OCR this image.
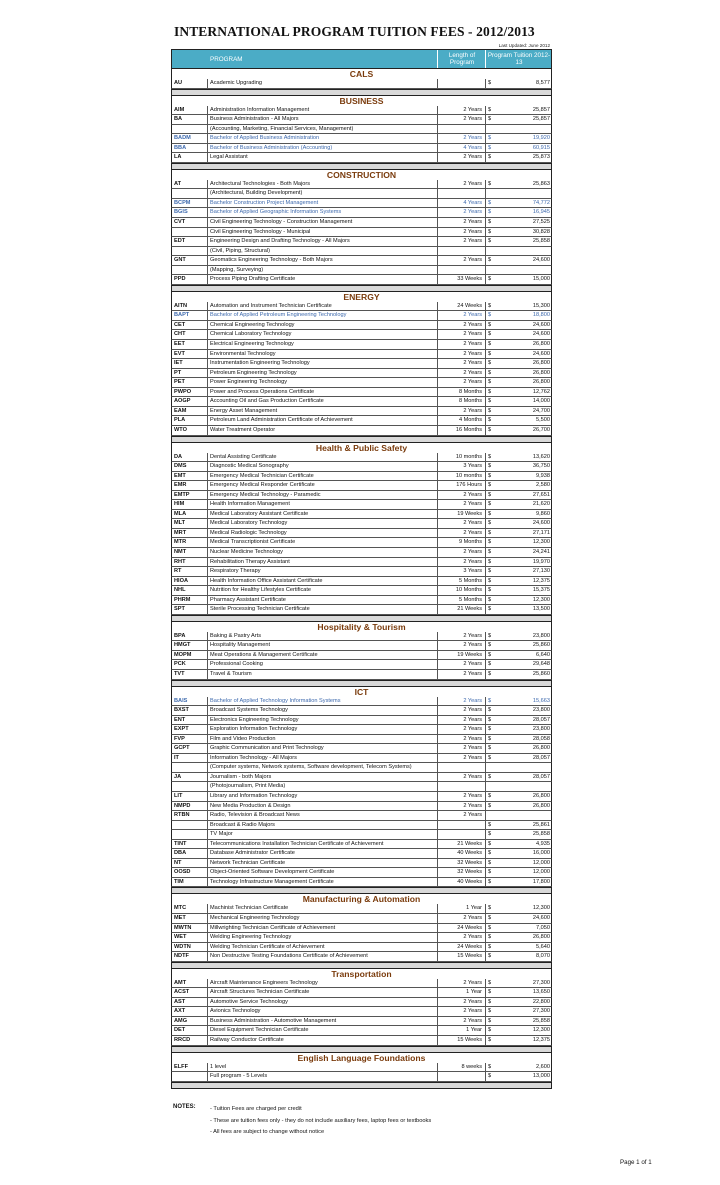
INTERNATIONAL PROGRAM TUITION FEES - 2012/2013
Last Updated: June 2012
PROGRAM
Length of Program
Program Tuition 2012-13
CALS
AU	Academic Upgrading	$	8,577
BUSINESS
AIM	Administration Information Management	2 Years $	25,857
BA	Business Administration - All Majors	2 Years $	25,857
(Accounting, Marketing, Financial Services, Management)
BADM	Bachelor of Applied Business Administration	2 Years $	19,920
BBA	Bachelor of Business Administration (Accounting)	4 Years $	60,915
LA	Legal Assistant	2 Years $	25,873
CONSTRUCTION
AT	Architectural Technologies - Both Majors	2 Years $	25,863
(Architectural, Building Development)
BCPM	Bachelor Construction Project Management	4 Years $	74,772
BGIS	Bachelor of Applied Geographic Information Systems	2 Years $	16,945
CVT	Civil Engineering Technology - Construction Management	2 Years $	27,525
Civil Engineering Technology - Municipal	2 Years $	30,828
EDT	Engineering Design and Drafting Technology - All Majors	2 Years $	25,858
(Civil, Piping, Structural)
GNT	Geomatics Engineering Technology - Both Majors	2 Years $	24,600
(Mapping, Surveying)
PPD	Process Piping Drafting Certificate	33 Weeks $	15,000
ENERGY
AITN	Automation and Instrument Technician Certificate	24 Weeks $	15,300
BAPT	Bachelor of Applied Petroleum Engineering Technology	2 Years $	18,800
CET	Chemical Engineering Technology	2 Years $	24,600
CHT	Chemical Laboratory Technology	2 Years $	24,600
EET	Electrical Engineering Technology	2 Years $	26,800
EVT	Environmental Technology	2 Years $	24,600
IET	Instrumentation Engineering Technology	2 Years $	26,800
PT	Petroleum Engineering Technology	2 Years $	26,800
PET	Power Engineering Technology	2 Years $	26,800
PWPO	Power and Process Operations Certificate	8 Months $	12,762
AOGP	Accounting Oil and Gas Production Certificate	8 Months $	14,000
EAM	Energy Asset Management	2 Years $	24,700
PLA	Petroleum Land Administration Certificate of Achievement	4 Months $	5,500
WTO	Water Treatment Operator	16 Months $	26,700
Health & Public Safety
DA	Dental Assisting Certificate	10 months $	13,620
DMS	Diagnostic Medical Sonography	3 Years $	36,750
EMT	Emergency Medical Technician Certificate	10 months $	9,938
EMR	Emergency Medical Responder Certificate	176 Hours $	2,580
EMTP	Emergency Medical Technology - Paramedic	2 Years $	27,651
HIM	Health Information Management	2 Years $	21,620
MLA	Medical Laboratory Assistant Certificate	19 Weeks $	9,860
MLT	Medical Laboratory Technology	2 Years $	24,600
MRT	Medical Radiologic Technology	2 Years $	27,171
MTR	Medical Transcriptionist Certificate	9 Months $	12,300
NMT	Nuclear Medicine Technology	2 Years $	24,241
RHT	Rehabilitation Therapy Assistant	2 Years $	19,970
RT	Respiratory Therapy	3 Years $	27,130
HIOA	Health Information Office Assistant Certificate	5 Months $	12,375
NHL	Nutrition for Healthy Lifestyles Certificate	10 Months $	15,375
PHRM	Pharmacy Assistant Certificate	5 Months $	12,300
SPT	Sterile Processing Technician Certificate	21 Weeks $	13,500
Hospitality & Tourism
BPA	Baking & Pastry Arts	2 Years $	23,800
HMGT	Hospitality Management	2 Years $	25,860
MOPM	Meat Operations & Management Certificate	19 Weeks $	6,640
PCK	Professional Cooking	2 Years $	29,648
TVT	Travel & Tourism	2 Years $	25,860
ICT
BAIS	Bachelor of Applied Technology Information Systems	2 Years $	15,663
BXST	Broadcast Systems Technology	2 Years $	23,800
ENT	Electronics Engineering Technology	2 Years $	28,057
EXPT	Exploration Information Technology	2 Years $	23,800
FVP	Film and Video Production	2 Years $	28,058
GCPT	Graphic Communication and Print Technology	2 Years $	26,800
IT	Information Technology - All Majors	2 Years $	28,057
(Computer systems, Network systems, Software development, Telecom Systems)
JA	Journalism - both Majors	2 Years $	28,057
(Photojournalism, Print Media)
LIT	Library and Information Technology	2 Years $	26,800
NMPD	New Media Production & Design	2 Years $	26,800
RTBN	Radio, Television & Broadcast News	2 Years
Broadcast & Radio Majors	$	25,861
TV Major	$	25,858
TINT	Telecommunications Installation Technician Certificate of Achievement	21 Weeks $	4,935
DBA	Database Administrator Certificate	40 Weeks $	16,000
NT	Network Technician Certificate	32 Weeks $	12,000
OOSD	Object-Oriented Software Development Certificate	32 Weeks $	12,000
TIM	Technology Infrastructure Management Certificate	40 Weeks $	17,800
Manufacturing & Automation
MTC	Machinist Technician Certificate	1 Year $	12,300
MET	Mechanical Engineering Technology	2 Years $	24,600
MWTN	Millwrighting Technician Certificate of Achievement	24 Weeks $	7,050
WET	Welding Engineering Technology	2 Years $	26,800
WDTN	Welding Technician Certificate of Achievement	24 Weeks $	5,640
NDTF	Non Destructive Testing Foundations Certificate of Achievement	15 Weeks $	8,070
Transportation
AMT	Aircraft Maintenance Engineers Technology	2 Years $	27,300
ACST	Aircraft Structures Technician Certificate	1 Year $	13,650
AST	Automotive Service Technology	2 Years $	22,800
AXT	Avionics Technology	2 Years $	27,300
AMG	Business Administration - Automotive Management	2 Years $	25,858
DET	Diesel Equipment Technician Certificate	1 Year $	12,300
RRCD	Railway Conductor Certificate	15 Weeks $	12,375
English Language Foundations
ELFF	1 level	8 weeks $	2,600
Full program - 5 Levels	$	13,000
NOTES:	- Tuition Fees are charged per credit
- These are tuition fees only - they do not include auxiliary fees, laptop fees or textbooks
- All fees are subject to change without notice
Page 1 of 1
